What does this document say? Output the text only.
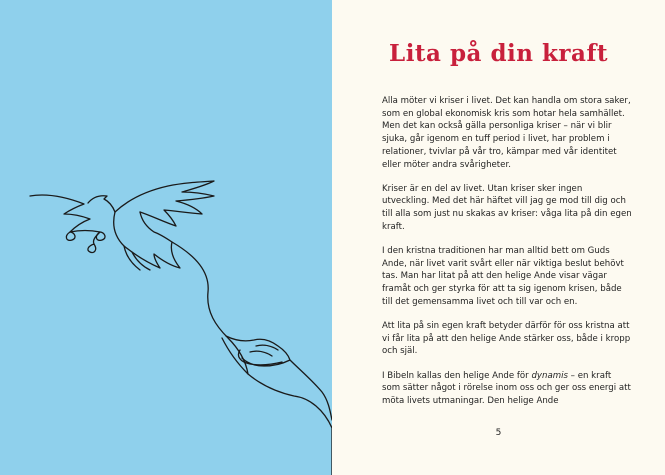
Lita på din kraft

Alla möter vi kriser i livet. Det kan handla om stora saker, som en global ekonomisk kris som hotar hela samhället. Men det kan också gälla personliga kriser – när vi blir sjuka, går igenom en tuff period i livet, har problem i relationer, tvivlar på vår tro, kämpar med vår identitet eller möter andra svårigheter.

Kriser är en del av livet. Utan kriser sker ingen utveckling. Med det här häftet vill jag ge mod till dig och till alla som just nu skakas av kriser: våga lita på din egen kraft.

I den kristna traditionen har man alltid bett om Guds Ande, när livet varit svårt eller när viktiga beslut behövt tas. Man har litat på att den helige Ande visar vägar framåt och ger styrka för att ta sig igenom krisen, både till det gemensamma livet och till var och en.

Att lita på sin egen kraft betyder därför för oss kristna att vi får lita på att den helige Ande stärker oss, både i kropp och själ.

I Bibeln kallas den helige Ande för dynamis – en kraft som sätter något i rörelse inom oss och ger oss energi att möta livets utmaningar. Den helige Ande

5
